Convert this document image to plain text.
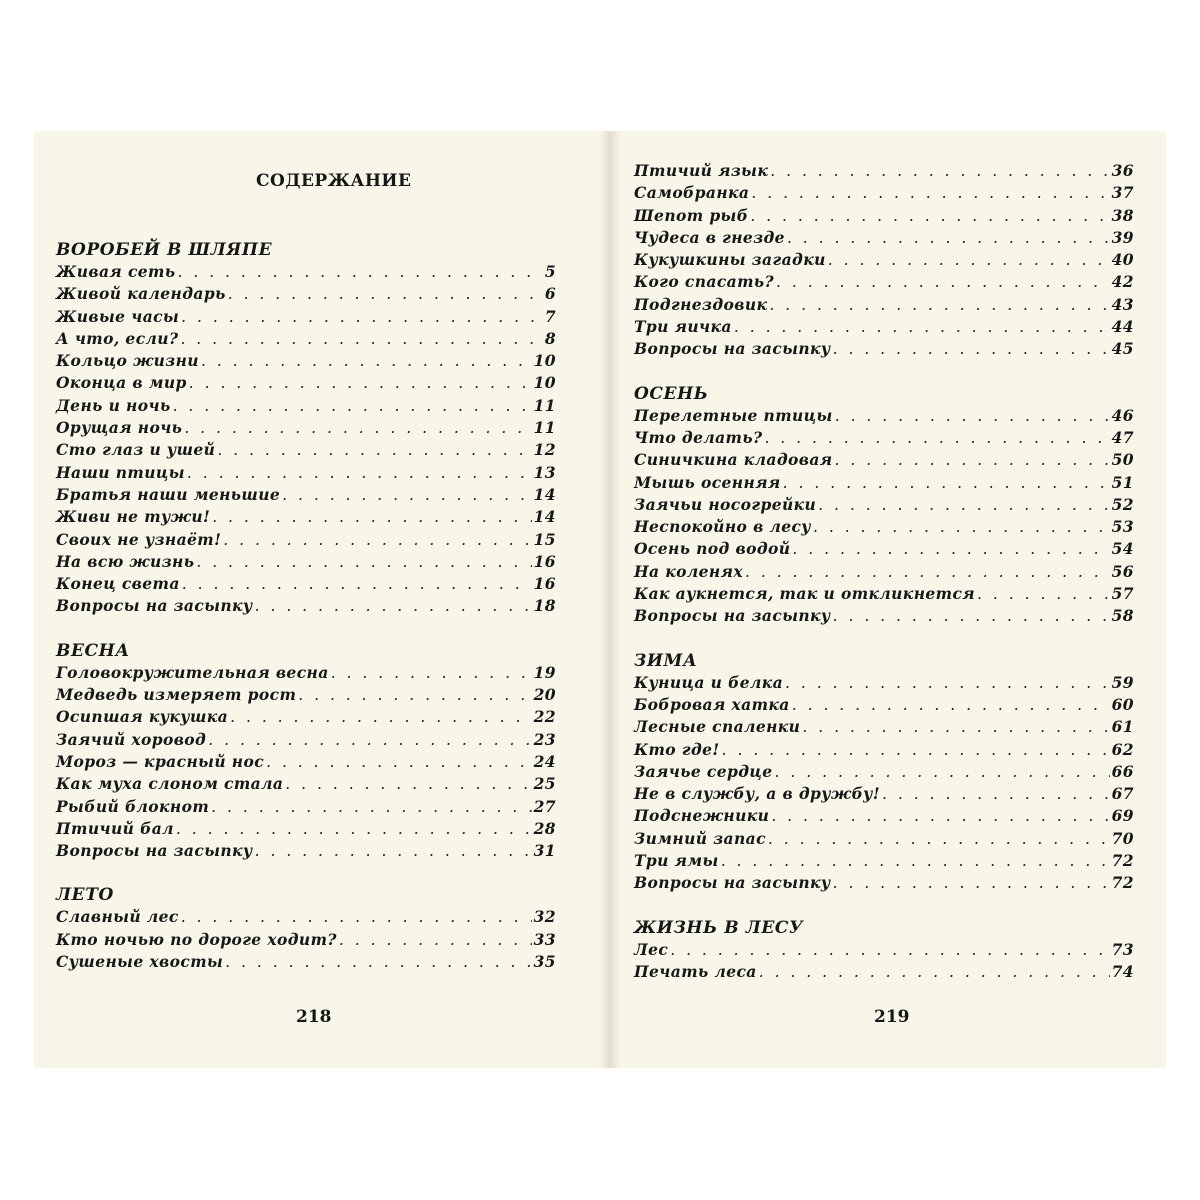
СОДЕРЖАНИЕ
ВОРОБЕЙ В ШЛЯПЕ
Живая сеть . . .	5
Живой календарь . . .	6
Живые часы . . .	7
А что, если? . . .	8
Кольцо жизни . . .	10
Оконца в мир . . .	10
День и ночь . . .	11
Орущая ночь . . .	11
Сто глаз и ушей . . .	12
Наши птицы . . .	13
Братья наши меньшие . . .	14
Живи не тужи! . . .	14
Своих не узнаёт! . . .	15
На всю жизнь . . .	16
Конец света . . .	16
Вопросы на засыпку . . .	18
ВЕСНА
Головокружительная весна . . .	19
Медведь измеряет рост . . .	20
Осипшая кукушка . . .	22
Заячий хоровод . . .	23
Мороз — красный нос . . .	24
Как муха слоном стала . . .	25
Рыбий блокнот . . .	27
Птичий бал . . .	28
Вопросы на засыпку . . .	31
ЛЕТО
Славный лес . . .	32
Кто ночью по дороге ходит? . . .	33
Сушеные хвосты . . .	35
218
Птичий язык . . .	36
Самобранка . . .	37
Шепот рыб . . .	38
Чудеса в гнезде . . .	39
Кукушкины загадки . . .	40
Кого спасать? . . .	42
Подгнездовик . . .	43
Три яичка . . .	44
Вопросы на засыпку . . .	45
ОСЕНЬ
Перелетные птицы . . .	46
Что делать? . . .	47
Синичкина кладовая . . .	50
Мышь осенняя . . .	51
Заячьи носогрейки . . .	52
Неспокойно в лесу . . .	53
Осень под водой . . .	54
На коленях . . .	56
Как аукнется, так и откликнется . . .	57
Вопросы на засыпку . . .	58
ЗИМА
Куница и белка . . .	59
Бобровая хатка . . .	60
Лесные спаленки . . .	61
Кто где! . . .	62
Заячье сердце . . .	66
Не в службу, а в дружбу! . . .	67
Подснежники . . .	69
Зимний запас . . .	70
Три ямы . . .	72
Вопросы на засыпку . . .	72
ЖИЗНЬ В ЛЕСУ
Лес . . .	73
Печать леса . . .	74
219
